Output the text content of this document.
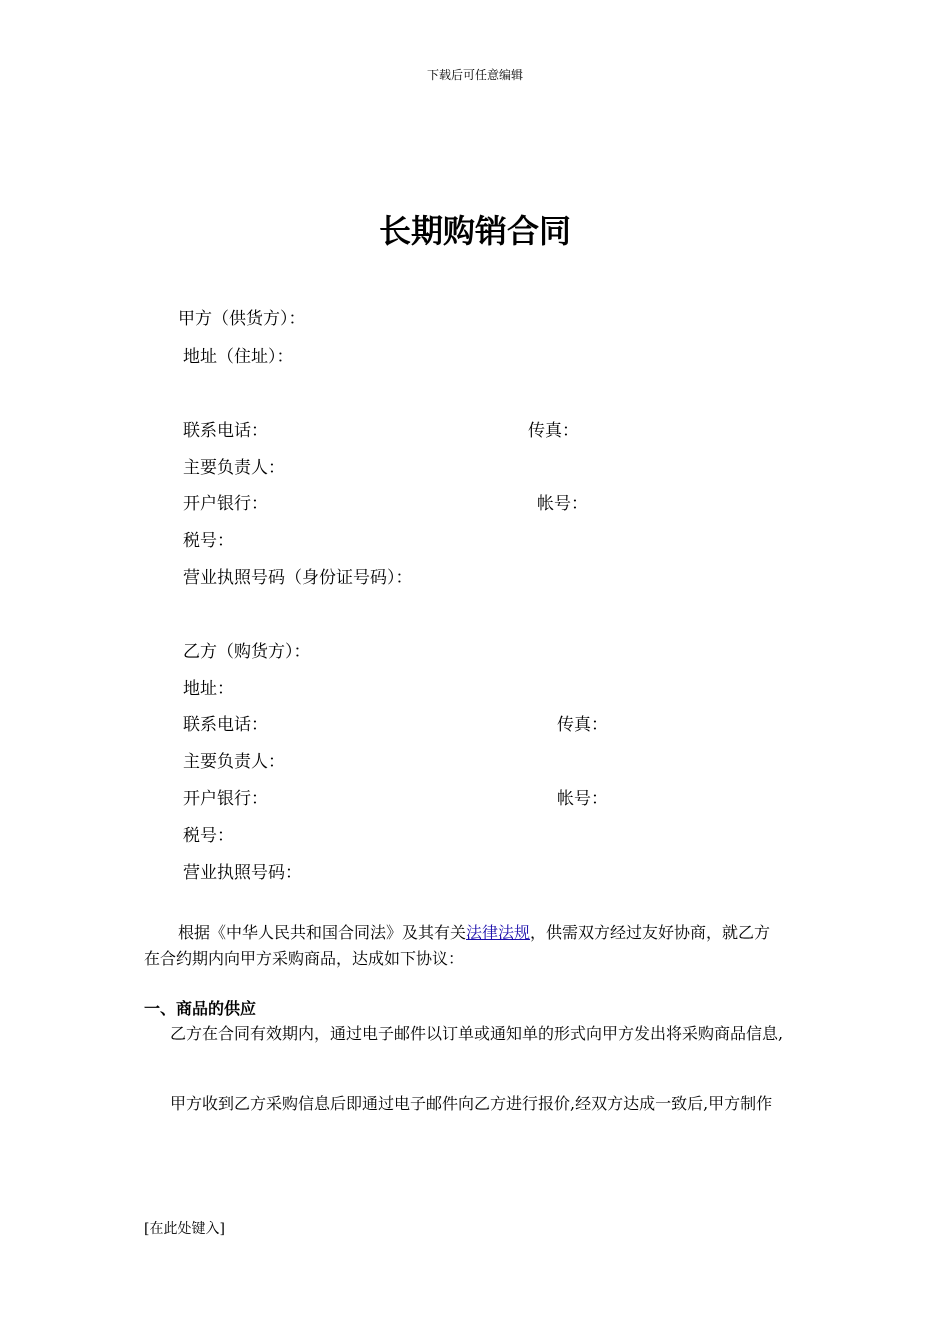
下载后可任意编辑
长期购销合同
甲方（供货方）：
地址（住址）：
联系电话：	传真：
主要负责人：
开户银行：	帐号：
税号：
营业执照号码（身份证号码）：
乙方（购货方）：
地址：
联系电话：	传真：
主要负责人：
开户银行：	帐号：
税号：
营业执照号码：
根据《中华人民共和国合同法》及其有关法律法规，供需双方经过友好协商，就乙方
在合约期内向甲方采购商品，达成如下协议：
一、商品的供应
乙方在合同有效期内，通过电子邮件以订单或通知单的形式向甲方发出将采购商品信息,
甲方收到乙方采购信息后即通过电子邮件向乙方进行报价,经双方达成一致后,甲方制作
[在此处键入]
